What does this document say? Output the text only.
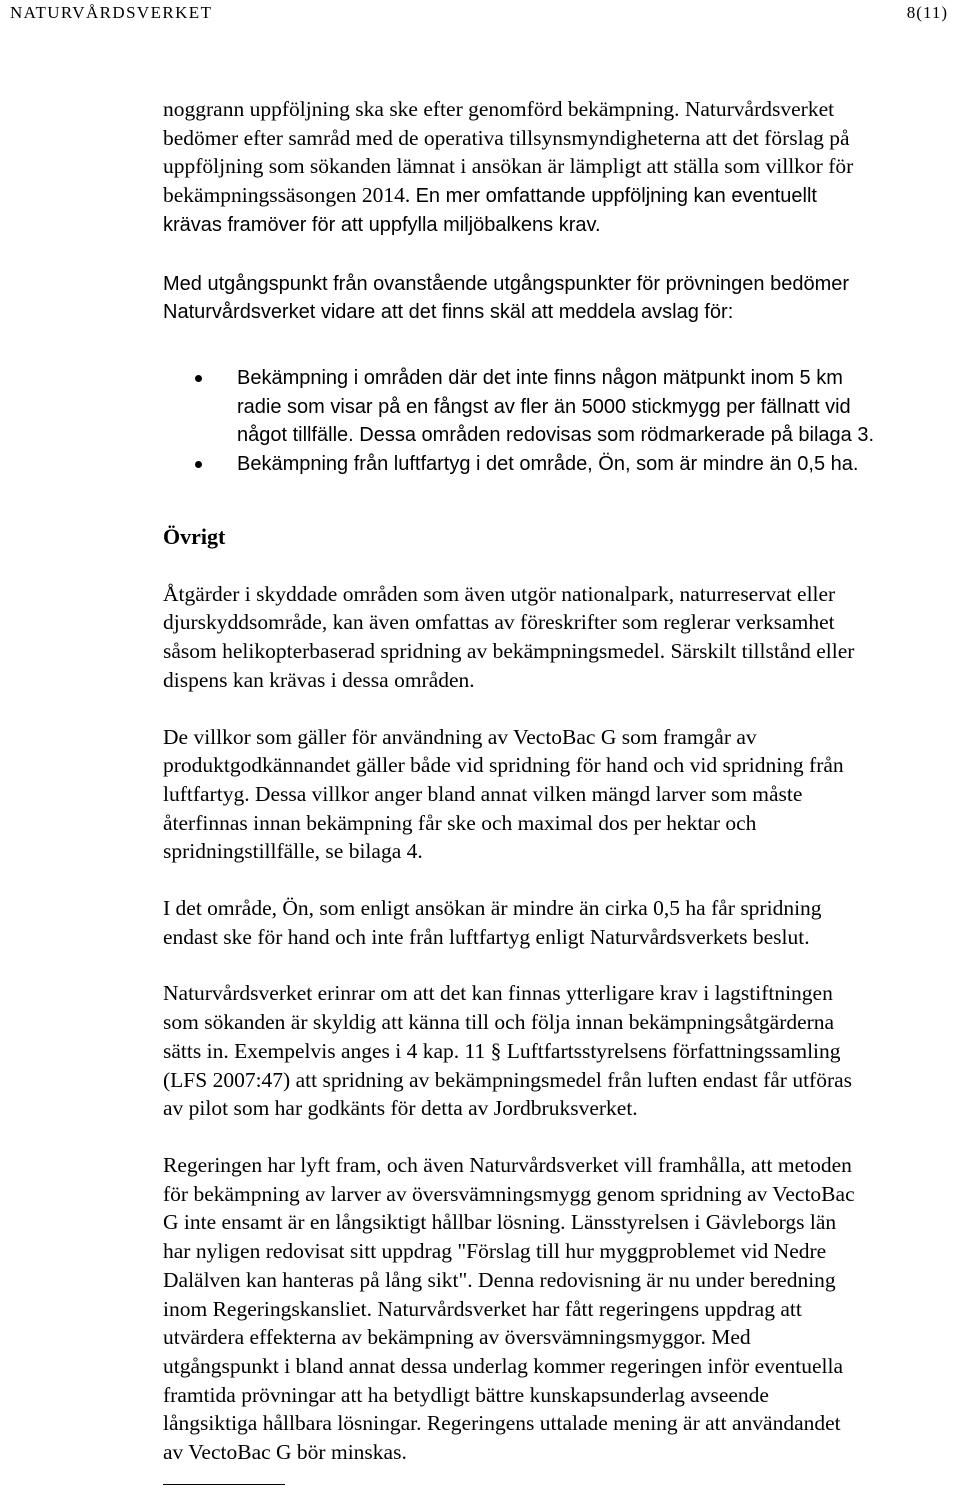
NATURVÅRDSVERKET	8(11)

noggrann uppföljning ska ske efter genomförd bekämpning. Naturvårdsverket
bedömer efter samråd med de operativa tillsynsmyndigheterna att det förslag på
uppföljning som sökanden lämnat i ansökan är lämpligt att ställa som villkor för
bekämpningssäsongen 2014. En mer omfattande uppföljning kan eventuellt
krävas framöver för att uppfylla miljöbalkens krav.

Med utgångspunkt från ovanstående utgångspunkter för prövningen bedömer
Naturvårdsverket vidare att det finns skäl att meddela avslag för:

Bekämpning i områden där det inte finns någon mätpunkt inom 5 km
radie som visar på en fångst av fler än 5000 stickmygg per fällnatt vid
något tillfälle. Dessa områden redovisas som rödmarkerade på bilaga 3.
Bekämpning från luftfartyg i det område, Ön, som är mindre än 0,5 ha.
Övrigt

Åtgärder i skyddade områden som även utgör nationalpark, naturreservat eller
djurskyddsområde, kan även omfattas av föreskrifter som reglerar verksamhet
såsom helikopterbaserad spridning av bekämpningsmedel. Särskilt tillstånd eller
dispens kan krävas i dessa områden.

De villkor som gäller för användning av VectoBac G som framgår av
produktgodkännandet gäller både vid spridning för hand och vid spridning från
luftfartyg. Dessa villkor anger bland annat vilken mängd larver som måste
återfinnas innan bekämpning får ske och maximal dos per hektar och
spridningstillfälle, se bilaga 4.

I det område, Ön, som enligt ansökan är mindre än cirka 0,5 ha får spridning
endast ske för hand och inte från luftfartyg enligt Naturvårdsverkets beslut.

Naturvårdsverket erinrar om att det kan finnas ytterligare krav i lagstiftningen
som sökanden är skyldig att känna till och följa innan bekämpningsåtgärderna
sätts in. Exempelvis anges i 4 kap. 11 § Luftfartsstyrelsens författningssamling
(LFS 2007:47) att spridning av bekämpningsmedel från luften endast får utföras
av pilot som har godkänts för detta av Jordbruksverket.

Regeringen har lyft fram, och även Naturvårdsverket vill framhålla, att metoden
för bekämpning av larver av översvämningsmygg genom spridning av VectoBac
G inte ensamt är en långsiktigt hållbar lösning. Länsstyrelsen i Gävleborgs län
har nyligen redovisat sitt uppdrag "Förslag till hur myggproblemet vid Nedre
Dalälven kan hanteras på lång sikt". Denna redovisning är nu under beredning
inom Regeringskansliet. Naturvårdsverket har fått regeringens uppdrag att
utvärdera effekterna av bekämpning av översvämningsmyggor. Med
utgångspunkt i bland annat dessa underlag kommer regeringen inför eventuella
framtida prövningar att ha betydligt bättre kunskapsunderlag avseende
långsiktiga hållbara lösningar. Regeringens uttalade mening är att användandet
av VectoBac G bör minskas.
